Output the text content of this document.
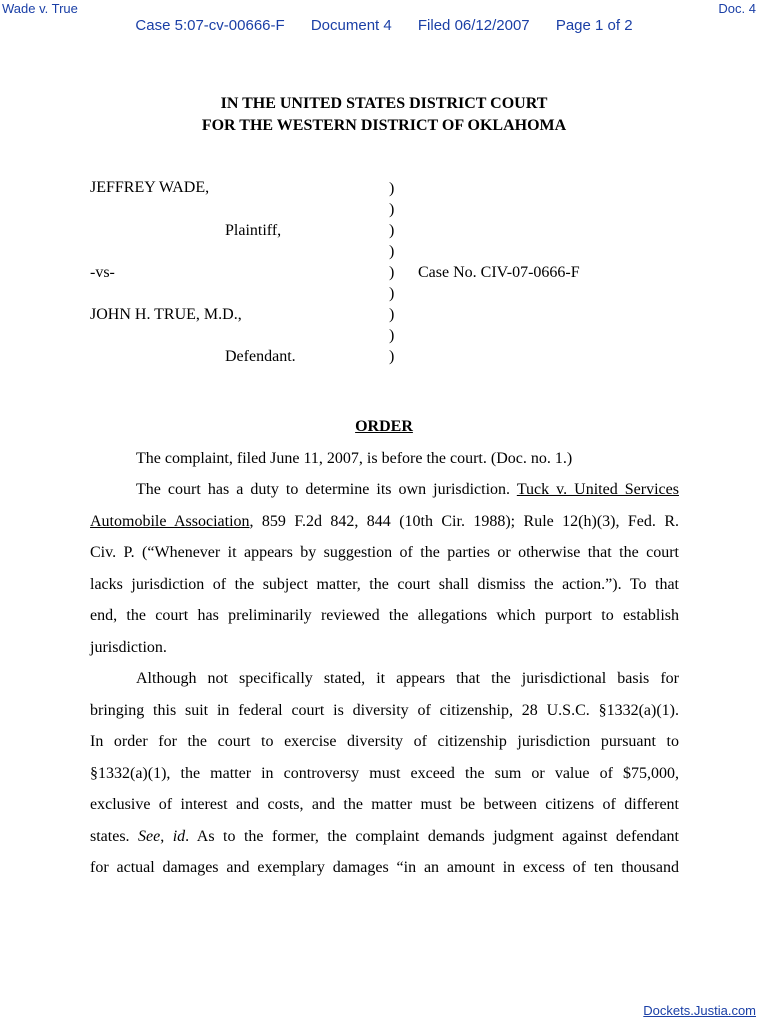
Wade v. True	Doc. 4
Case 5:07-cv-00666-F Document 4 Filed 06/12/2007 Page 1 of 2
IN THE UNITED STATES DISTRICT COURT
FOR THE WESTERN DISTRICT OF OKLAHOMA
JEFFREY WADE,
Plaintiff,
-vs-
JOHN H. TRUE, M.D.,
Defendant.
Case No. CIV-07-0666-F
)
)
)
)
)
)
)
)
)
ORDER
The complaint, filed June 11, 2007, is before the court. (Doc. no. 1.)
The court has a duty to determine its own jurisdiction. Tuck v. United Services
Automobile Association, 859 F.2d 842, 844 (10th Cir. 1988); Rule 12(h)(3), Fed. R.
Civ. P. (“Whenever it appears by suggestion of the parties or otherwise that the court
lacks jurisdiction of the subject matter, the court shall dismiss the action.”). To that
end, the court has preliminarily reviewed the allegations which purport to establish
jurisdiction.
Although not specifically stated, it appears that the jurisdictional basis for
bringing this suit in federal court is diversity of citizenship, 28 U.S.C. §1332(a)(1).
In order for the court to exercise diversity of citizenship jurisdiction pursuant to
§1332(a)(1), the matter in controversy must exceed the sum or value of $75,000,
exclusive of interest and costs, and the matter must be between citizens of different
states. See, id. As to the former, the complaint demands judgment against defendant
for actual damages and exemplary damages “in an amount in excess of ten thousand
Dockets.Justia.com
